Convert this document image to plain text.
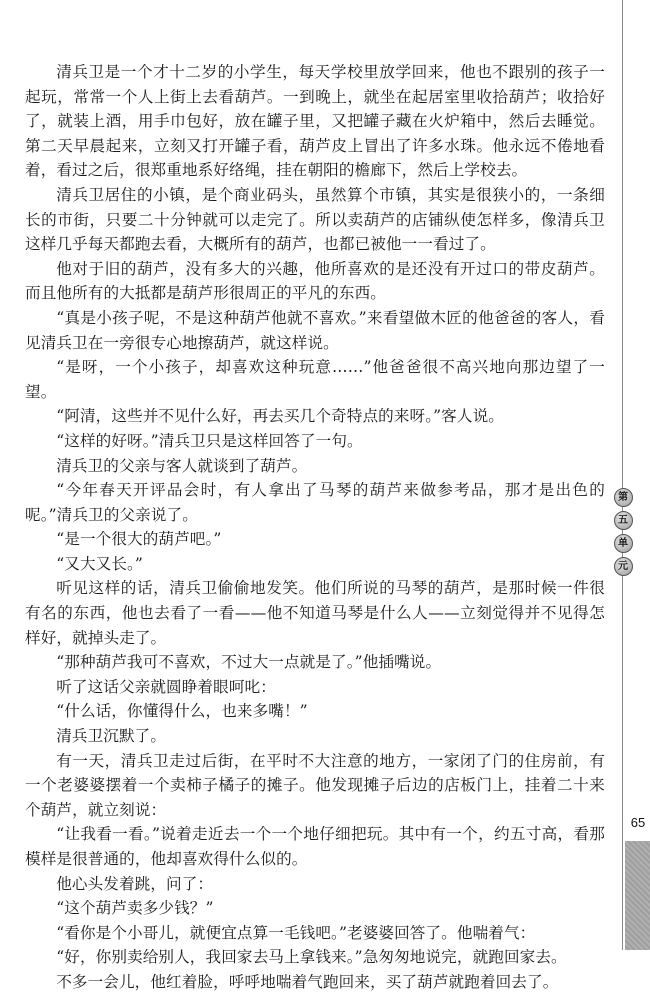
清兵卫是一个才十二岁的小学生，每天学校里放学回来，他也不跟别的孩子一起玩，常常一个人上街上去看葫芦。一到晚上，就坐在起居室里收拾葫芦；收拾好了，就装上酒，用手巾包好，放在罐子里，又把罐子藏在火炉箱中，然后去睡觉。第二天早晨起来，立刻又打开罐子看，葫芦皮上冒出了许多水珠。他永远不倦地看着，看过之后，很郑重地系好络绳，挂在朝阳的檐廊下，然后上学校去。

清兵卫居住的小镇，是个商业码头，虽然算个市镇，其实是很狭小的，一条细长的市街，只要二十分钟就可以走完了。所以卖葫芦的店铺纵使怎样多，像清兵卫这样几乎每天都跑去看，大概所有的葫芦，也都已被他一一看过了。

他对于旧的葫芦，没有多大的兴趣，他所喜欢的是还没有开过口的带皮葫芦。而且他所有的大抵都是葫芦形很周正的平凡的东西。

“真是小孩子呢，不是这种葫芦他就不喜欢。”来看望做木匠的他爸爸的客人，看见清兵卫在一旁很专心地擦葫芦，就这样说。

“是呀，一个小孩子，却喜欢这种玩意……”他爸爸很不高兴地向那边望了一望。

“阿清，这些并不见什么好，再去买几个奇特点的来呀。”客人说。

“这样的好呀。”清兵卫只是这样回答了一句。

清兵卫的父亲与客人就谈到了葫芦。

“今年春天开评品会时，有人拿出了马琴的葫芦来做参考品，那才是出色的呢。”清兵卫的父亲说了。

“是一个很大的葫芦吧。”

“又大又长。”

听见这样的话，清兵卫偷偷地发笑。他们所说的马琴的葫芦，是那时候一件很有名的东西，他也去看了一看——他不知道马琴是什么人——立刻觉得并不见得怎样好，就掉头走了。

“那种葫芦我可不喜欢，不过大一点就是了。”他插嘴说。

听了这话父亲就圆睁着眼呵叱：

“什么话，你懂得什么，也来多嘴！”

清兵卫沉默了。

有一天，清兵卫走过后街，在平时不大注意的地方，一家闭了门的住房前，有一个老婆婆摆着一个卖柿子橘子的摊子。他发现摊子后边的店板门上，挂着二十来个葫芦，就立刻说：

“让我看一看。”说着走近去一个一个地仔细把玩。其中有一个，约五寸高，看那模样是很普通的，他却喜欢得什么似的。

他心头发着跳，问了：

“这个葫芦卖多少钱？”

“看你是个小哥儿，就便宜点算一毛钱吧。”老婆婆回答了。他喘着气：

“好，你别卖给别人，我回家去马上拿钱来。”急匆匆地说完，就跑回家去。

不多一会儿，他红着脸，呼呼地喘着气跑回来，买了葫芦就跑着回去了。

第
五
单
元
65
